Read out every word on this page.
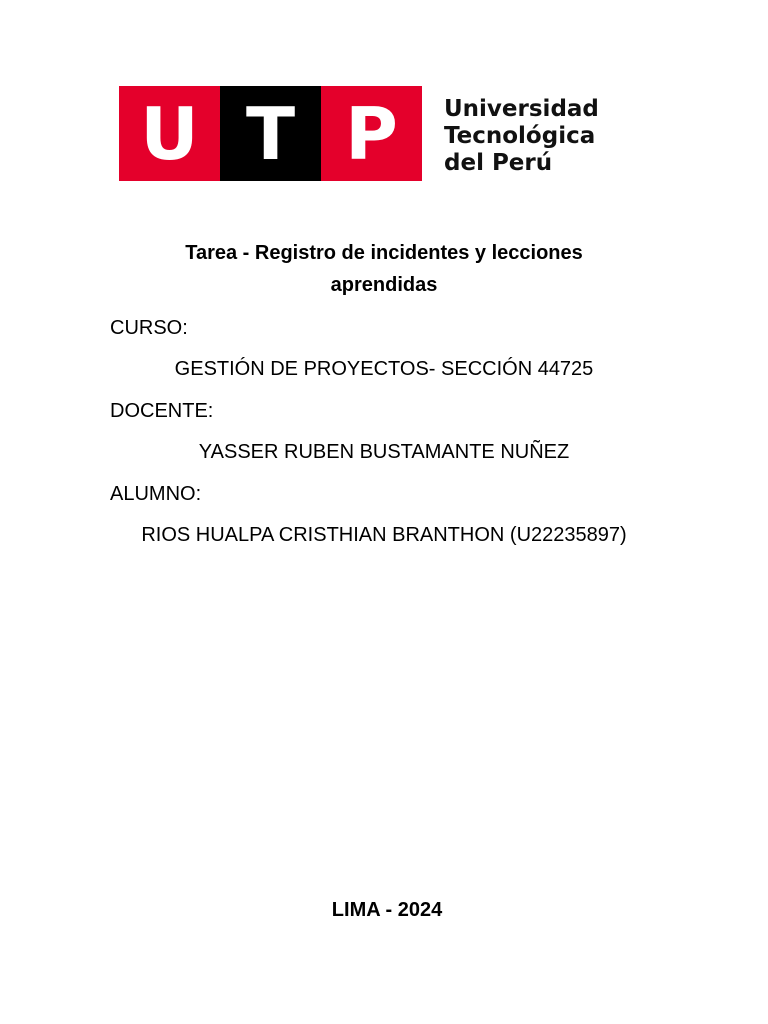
U T P	Universidad
Tecnológica
del Perú
Tarea - Registro de incidentes y lecciones
aprendidas
CURSO:
GESTIÓN DE PROYECTOS- SECCIÓN 44725
DOCENTE:
YASSER RUBEN BUSTAMANTE NUÑEZ
ALUMNO:
RIOS HUALPA CRISTHIAN BRANTHON (U22235897)
LIMA - 2024
